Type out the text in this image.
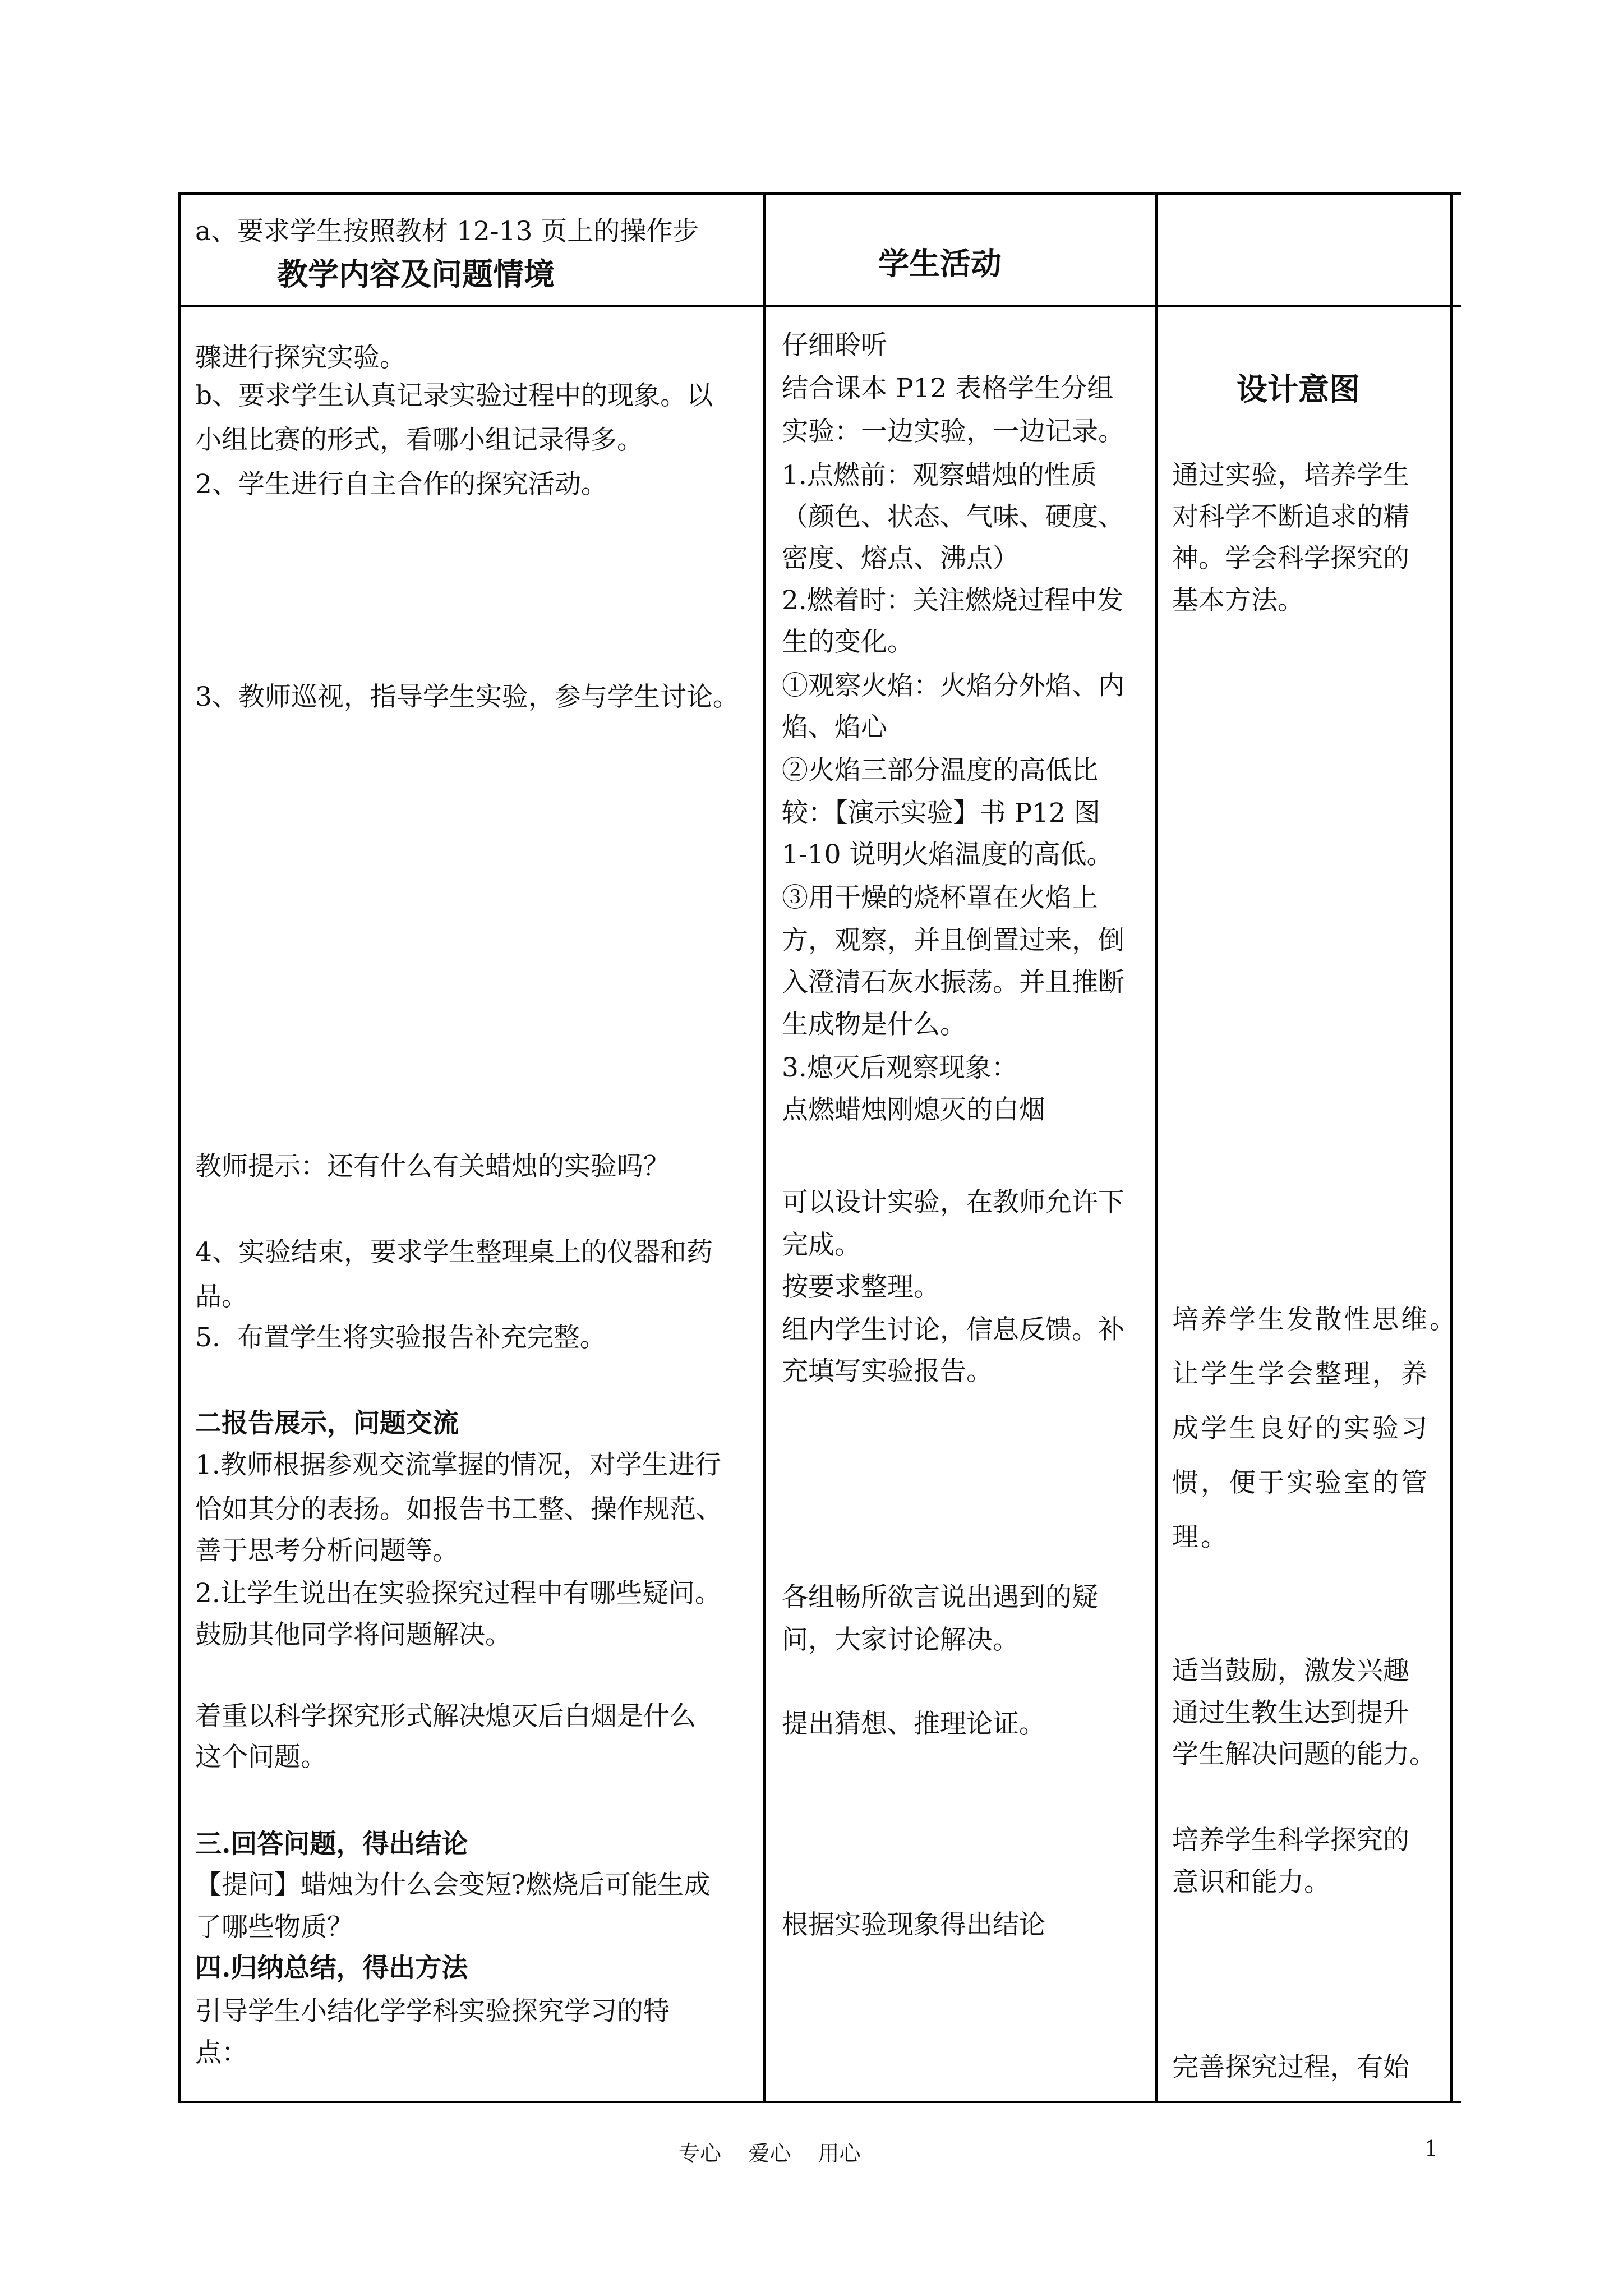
a、要求学生按照教材 12-13 页上的操作步
教学内容及问题情境	学生活动
设计意图
骤进行探究实验。
b、要求学生认真记录实验过程中的现象。以
小组比赛的形式，看哪小组记录得多。
2、学生进行自主合作的探究活动。
3、教师巡视，指导学生实验，参与学生讨论。
教师提示：还有什么有关蜡烛的实验吗？
4、实验结束，要求学生整理桌上的仪器和药
品。
5.  布置学生将实验报告补充完整。
二报告展示，问题交流
1.教师根据参观交流掌握的情况，对学生进行
恰如其分的表扬。如报告书工整、操作规范、
善于思考分析问题等。
2.让学生说出在实验探究过程中有哪些疑问。
鼓励其他同学将问题解决。
着重以科学探究形式解决熄灭后白烟是什么
这个问题。
三.回答问题，得出结论
【提问】蜡烛为什么会变短?燃烧后可能生成
了哪些物质？
四.归纳总结，得出方法
引导学生小结化学学科实验探究学习的特
点：
仔细聆听
结合课本 P12 表格学生分组
实验：一边实验，一边记录。
1.点燃前：观察蜡烛的性质
（颜色、状态、气味、硬度、
密度、熔点、沸点）
2.燃着时：关注燃烧过程中发
生的变化。
①观察火焰：火焰分外焰、内
焰、焰心
②火焰三部分温度的高低比
较：【演示实验】书 P12 图
1-10 说明火焰温度的高低。
③用干燥的烧杯罩在火焰上
方，观察，并且倒置过来，倒
入澄清石灰水振荡。并且推断
生成物是什么。
3.熄灭后观察现象：
点燃蜡烛刚熄灭的白烟
可以设计实验，在教师允许下
完成。
按要求整理。
组内学生讨论，信息反馈。补
充填写实验报告。
各组畅所欲言说出遇到的疑
问，大家讨论解决。
提出猜想、推理论证。
根据实验现象得出结论
通过实验，培养学生
对科学不断追求的精
神。学会科学探究的
基本方法。
培养学生发散性思维。
让学生学会整理，养
成学生良好的实验习
惯，便于实验室的管
理。
适当鼓励，激发兴趣
通过生教生达到提升
学生解决问题的能力。
培养学生科学探究的
意识和能力。
完善探究过程，有始
专心    爱心    用心	1
